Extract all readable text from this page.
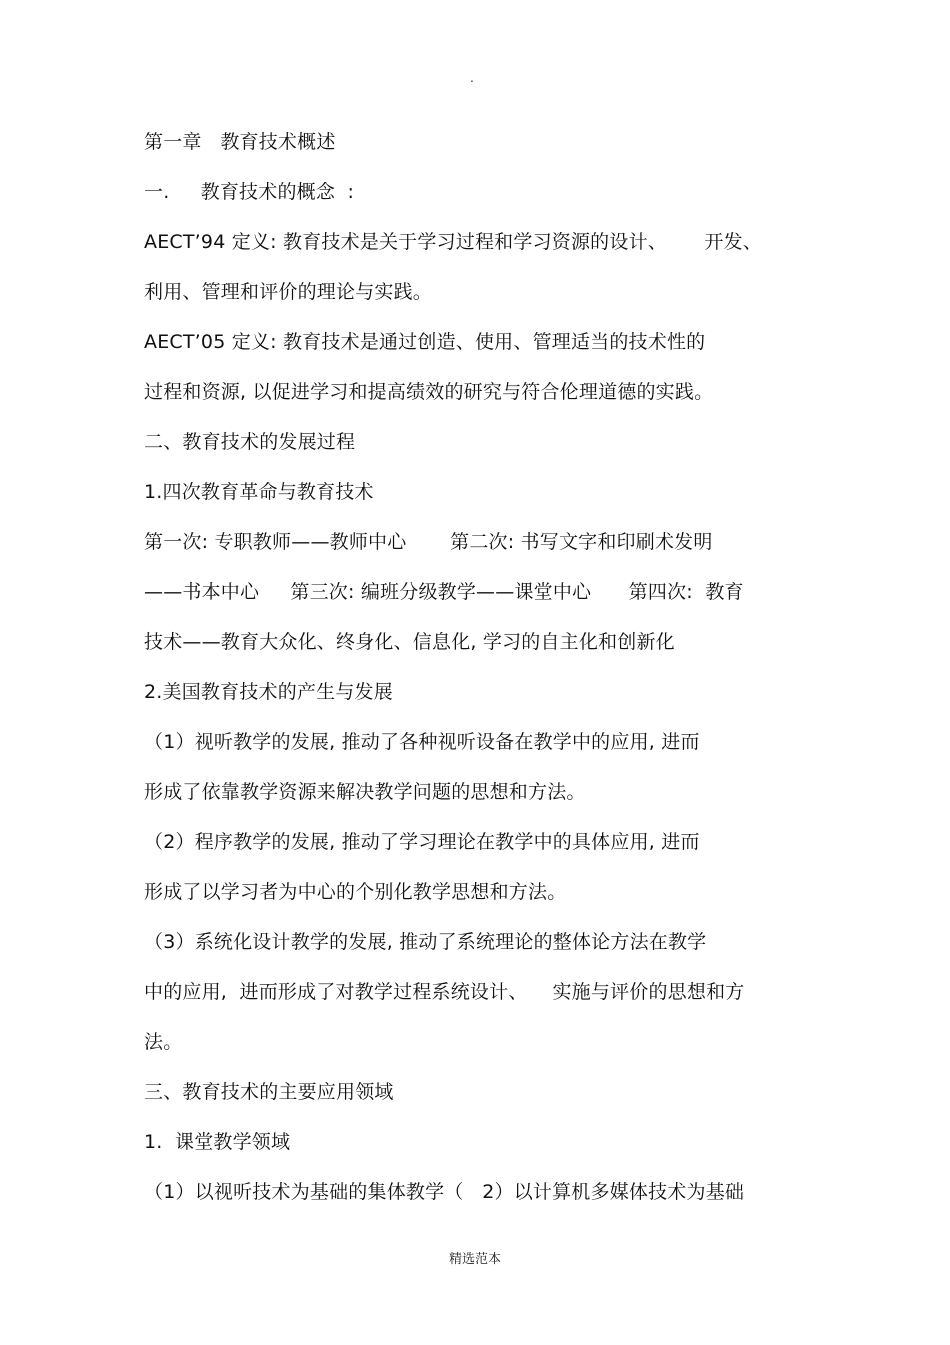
.
第一章   教育技术概述
一.     教育技术的概念  :
AECT’94 定义: 教育技术是关于学习过程和学习资源的设计、      开发、
利用、管理和评价的理论与实践。
AECT’05 定义: 教育技术是通过创造、使用、管理适当的技术性的
过程和资源, 以促进学习和提高绩效的研究与符合伦理道德的实践。
二、教育技术的发展过程
1.四次教育革命与教育技术
第一次: 专职教师——教师中心       第二次: 书写文字和印刷术发明
——书本中心     第三次: 编班分级教学——课堂中心      第四次:  教育
技术——教育大众化、终身化、信息化, 学习的自主化和创新化
2.美国教育技术的产生与发展
（1）视听教学的发展, 推动了各种视听设备在教学中的应用, 进而
形成了依靠教学资源来解决教学问题的思想和方法。
（2）程序教学的发展, 推动了学习理论在教学中的具体应用, 进而
形成了以学习者为中心的个别化教学思想和方法。
（3）系统化设计教学的发展, 推动了系统理论的整体论方法在教学
中的应用,  进而形成了对教学过程系统设计、    实施与评价的思想和方
法。
三、教育技术的主要应用领域
1.  课堂教学领域
（1）以视听技术为基础的集体教学（   2）以计算机多媒体技术为基础
精选范本
